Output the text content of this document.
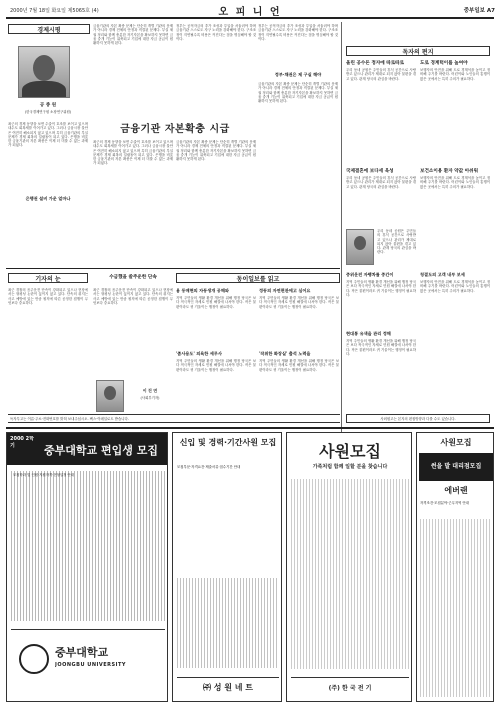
2000년 7월 18일 화요일 제5065호 (4)	오 피 니 언	중부일보 A7
경제시평
공 종 원
(한국경제연구원 소장연구위원)
최근의 경제 동향을 보면 수출이 호조를 보이고 있으며 내수도 회복세를 이어가고 있다. 그러나 금융시장 불안은 여전히 해소되지 않고 있으며 특히 금융기관의 부실 문제가 경제 회복의 걸림돌이 되고 있다. 은행을 비롯한 금융기관의 자본 확충은 이제 더 미룰 수 없는 과제가 되었다.
금융기관의 자본 확충 문제는 단순히 개별 기관의 문제가 아니라 경제 전체의 안정과 직결된 문제다. 부실 채권 정리와 함께 충분한 자기자본을 확보하지 못하면 금융 중개 기능이 위축되고 기업에 대한 자금 공급이 원활하지 못하게 된다.
정부는 공적자금의 추가 조성과 투입을 서둘러야 하며 금융기관 스스로도 자구 노력을 강화해야 한다. 구조조정이 지연될수록 비용은 커진다는 점을 명심해야 할 것이다.
금융기관 자본확충 시급
은행권 설비 가운 얼마나
최근의 경제 동향을 보면 수출이 호조를 보이고 있으며 내수도 회복세를 이어가고 있다. 그러나 금융시장 불안은 여전히 해소되지 않고 있으며 특히 금융기관의 부실 문제가 경제 회복의 걸림돌이 되고 있다. 은행을 비롯한 금융기관의 자본 확충은 이제 더 미룰 수 없는 과제가 되었다.
금융기관의 자본 확충 문제는 단순히 개별 기관의 문제가 아니라 경제 전체의 안정과 직결된 문제다. 부실 채권 정리와 함께 충분한 자기자본을 확보하지 못하면 금융 중개 기능이 위축되고 기업에 대한 자금 공급이 원활하지 못하게 된다.
정부·채권은 제 구실 해야
정부는 공적자금의 추가 조성과 투입을 서둘러야 하며 금융기관 스스로도 자구 노력을 강화해야 한다. 구조조정이 지연될수록 비용은 커진다는 점을 명심해야 할 것이다.
금융기관의 자본 확충 문제는 단순히 개별 기관의 문제가 아니라 경제 전체의 안정과 직결된 문제다. 부실 채권 정리와 함께 충분한 자기자본을 확보하지 못하면 금융 중개 기능이 위축되고 기업에 대한 자금 공급이 원활하지 못하게 된다.
독자의 편지
올린 공수돈 정자에 따로따로
우리 동네 공원은 주민들의 휴식 공간으로 사랑받고 있으나 관리가 제대로 되지 않아 불편을 겪고 있다. 관계 당국의 관심을 바란다.
국제결혼에 보다세 육성
우리 동네 공원은 주민들의 휴식 공간으로 사랑받고 있으나 관리가 제대로 되지 않아 불편을 겪고 있다. 관계 당국의 관심을 바란다.
우리 동네 공원은 주민들의 휴식 공간으로 사랑받고 있으나 관리가 제대로 되지 않아 불편을 겪고 있다. 관계 당국의 관심을 바란다.
도로 경계턱이를 높여야
보행자의 안전을 위해 도로 경계석을 높이고 정비해 주기를 바란다. 어린이와 노인들의 통행이 많은 곳에서는 특히 주의가 필요하다.
보건소이용 환자 약값 아쉬워
보행자의 안전을 위해 도로 경계석을 높이고 정비해 주기를 바란다. 어린이와 노인들의 통행이 많은 곳에서는 특히 주의가 필요하다.
기자의 눈	수금했을 쓸주운한 단속
최근 경찰의 음주운전 단속이 강화되고 있으나 현장에서는 형평성 논란이 끊이지 않고 있다. 단속의 취지는 사고 예방에 있는 만큼 원칙에 따른 공정한 집행이 무엇보다 중요하다.
최근 경찰의 음주운전 단속이 강화되고 있으나 현장에서는 형평성 논란이 끊이지 않고 있다. 단속의 취지는 사고 예방에 있는 만큼 원칙에 따른 공정한 집행이 무엇보다 중요하다.
이 진 연
(사회부기자)
동이일보를 읽고
용 둥매현의 자동생개 공해와
지역 주민들의 생활 환경 개선을 위해 행정 당국은 보다 적극적인 자세로 민원 해결에 나서야 한다. 작은 불편이라도 귀 기울이는 행정이 필요하다.
'좀사용도' 의욕한 세무사
지역 주민들의 생활 환경 개선을 위해 행정 당국은 보다 적극적인 자세로 민원 해결에 나서야 한다. 작은 불편이라도 귀 기울이는 행정이 필요하다.
정동의 자연편관에고 심어요
지역 주민들의 생활 환경 개선을 위해 행정 당국은 보다 적극적인 자세로 민원 해결에 나서야 한다. 작은 불편이라도 귀 기울이는 행정이 필요하다.
'작위한 화장실' 출석 노력을
지역 주민들의 생활 환경 개선을 위해 행정 당국은 보다 적극적인 자세로 민원 해결에 나서야 한다. 작은 불편이라도 귀 기울이는 행정이 필요하다.
중위운전 자뫵차를 중간이
지역 주민들의 생활 환경 개선을 위해 행정 당국은 보다 적극적인 자세로 민원 해결에 나서야 한다. 작은 불편이라도 귀 기울이는 행정이 필요하다.
현대통 유색을 관리 정해
지역 주민들의 생활 환경 개선을 위해 행정 당국은 보다 적극적인 자세로 민원 해결에 나서야 한다. 작은 불편이라도 귀 기울이는 행정이 필요하다.
청결도의 고객 내부 보세
보행자의 안전을 위해 도로 경계석을 높이고 정비해 주기를 바란다. 어린이와 노인들의 통행이 많은 곳에서는 특히 주의가 필요하다.
독자투고는 이름·주소·전화번호를 밝혀 보내주십시오. 팩스·이메일로도 받습니다.	사외원고는 본지의 편집방향과 다를 수도 있습니다.
2000 2학기	중부대학교 편입생 모집
모집학과 및 인원·지원자격·전형일정 안내
중부대학교
JOONGBU UNIVERSITY
신입 및 경력·기간사원 모집
모집부문·자격요건·제출서류·접수기간 안내
㈜ 성 원 네 트
사원모집
가족처럼 함께 일할 분을 찾습니다
(주) 한 국 전 기
사원모집
썬을 발 대리점모집
에버랜
자격조건·모집분야·근무지역 안내
